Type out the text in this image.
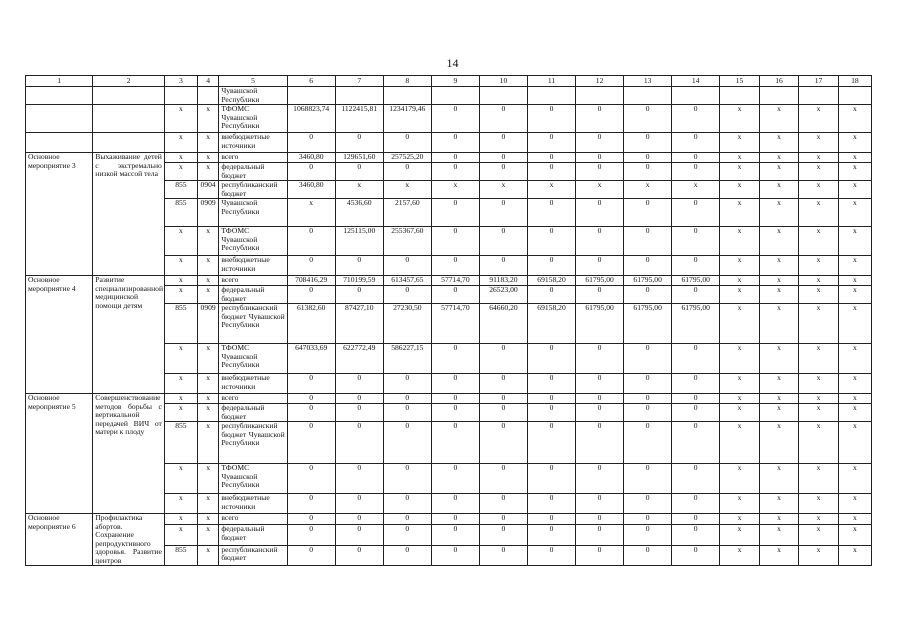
14
1	2	3	4	5	6	7	8	9	10	11	12	13	14	15	16	17	18
				Чувашской Республики													
		x	x	ТФОМС Чувашской Республики	1068823,74	1122415,81	1234179,46	0	0	0	0	0	0	x	x	x	x
		x	x	внебюджетные источники	0	0	0	0	0	0	0	0	0	x	x	x	x
Основное мероприятие 3	Выхаживание детей с экстремально низкой массой тела	x	x	всего	3460,80	129651,60	257525,20	0	0	0	0	0	0	x	x	x	x
		x	x	федеральный бюджет	0	0	0	0	0	0	0	0	0	x	x	x	x
		855	0904	республиканский бюджет	3460,80	x	x	x	x	x	x	x	x	x	x	x	x
		855	0909	Чувашской Республики	x	4536,60	2157,60	0	0	0	0	0	0	x	x	x	x
		x	x	ТФОМС Чувашской Республики	0	125115,00	255367,60	0	0	0	0	0	0	x	x	x	x
		x	x	внебюджетные источники	0	0	0	0	0	0	0	0	0	x	x	x	x
Основное мероприятие 4	Развитие специализированной медицинской помощи детям	x	x	всего	708416,29	710199,59	613457,65	57714,70	91183,20	69158,20	61795,00	61795,00	61795,00	x	x	x	x
		x	x	федеральный бюджет	0	0	0	0	26523,00	0	0	0	0	x	x	x	x
		855	0909	республиканский бюджет Чувашской Республики	61382,60	87427,10	27230,50	57714,70	64660,20	69158,20	61795,00	61795,00	61795,00	x	x	x	x
		x	x	ТФОМС Чувашской Республики	647033,69	622772,49	586227,15	0	0	0	0	0	0	x	x	x	x
		x	x	внебюджетные источники	0	0	0	0	0	0	0	0	0	x	x	x	x
Основное мероприятие 5	Совершенствование методов борьбы с вертикальной передачей ВИЧ от матери к плоду	x	x	всего	0	0	0	0	0	0	0	0	0	x	x	x	x
		x	x	федеральный бюджет	0	0	0	0	0	0	0	0	0	x	x	x	x
		855	x	республиканский бюджет Чувашской Республики	0	0	0	0	0	0	0	0	0	x	x	x	x
		x	x	ТФОМС Чувашской Республики	0	0	0	0	0	0	0	0	0	x	x	x	x
		x	x	внебюджетные источники	0	0	0	0	0	0	0	0	0	x	x	x	x
Основное мероприятие 6	Профилактика абортов. Сохранение репродуктивного здоровья. Развитие центров	x	x	всего	0	0	0	0	0	0	0	0	0	x	x	x	x
		x	x	федеральный бюджет	0	0	0	0	0	0	0	0	0	x	x	x	x
		855	x	республиканский бюджет	0	0	0	0	0	0	0	0	0	x	x	x	x
